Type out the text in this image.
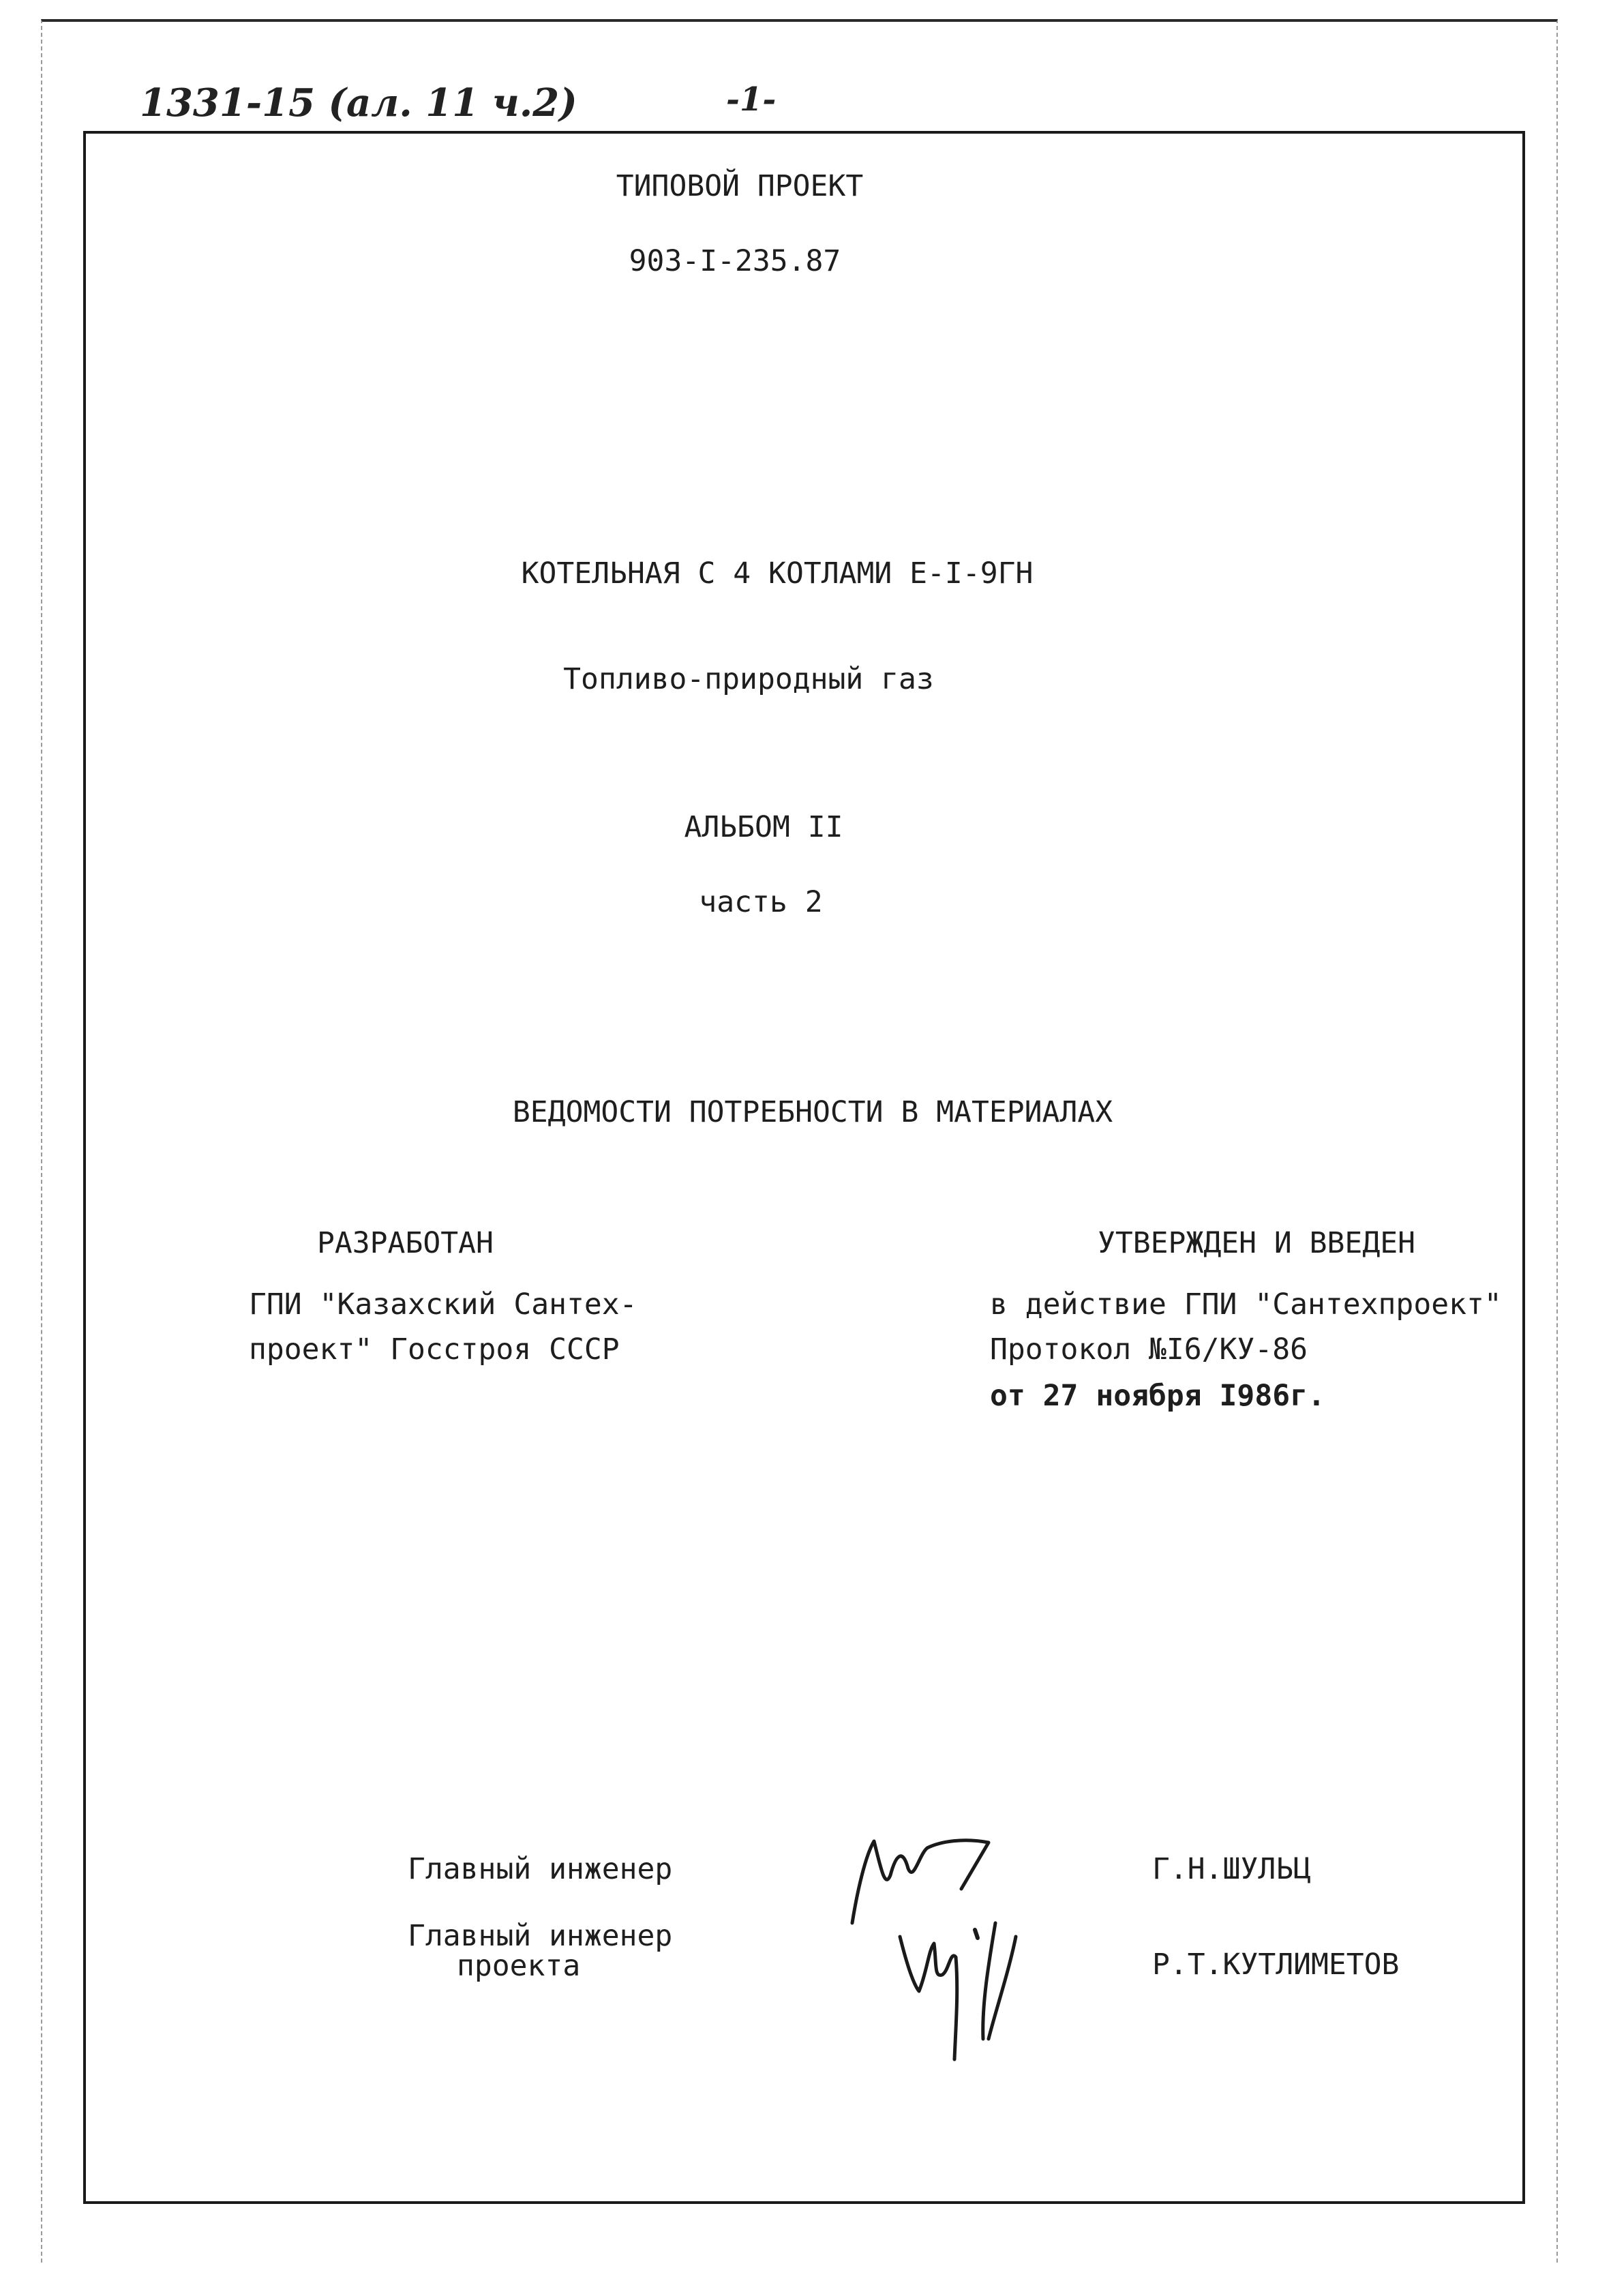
1331-15 (ал. 11 ч.2)	-1-
ТИПОВОЙ ПРОЕКТ
903-I-235.87
КОТЕЛЬНАЯ С 4 КОТЛАМИ Е-I-9ГН
Топливо-природный газ
АЛЬБОМ II
часть 2
ВЕДОМОСТИ ПОТРЕБНОСТИ В МАТЕРИАЛАХ
РАЗРАБОТАН
ГПИ "Казахский Сантех-
проект" Госстроя СССР
УТВЕРЖДЕН И ВВЕДЕН
в действие ГПИ "Сантехпроект"
Протокол №I6/КУ-86
от 27 ноября I986г.
Главный инженер	Г.Н.ШУЛЬЦ
Главный инженер
проекта	Р.Т.КУТЛИМЕТОВ
